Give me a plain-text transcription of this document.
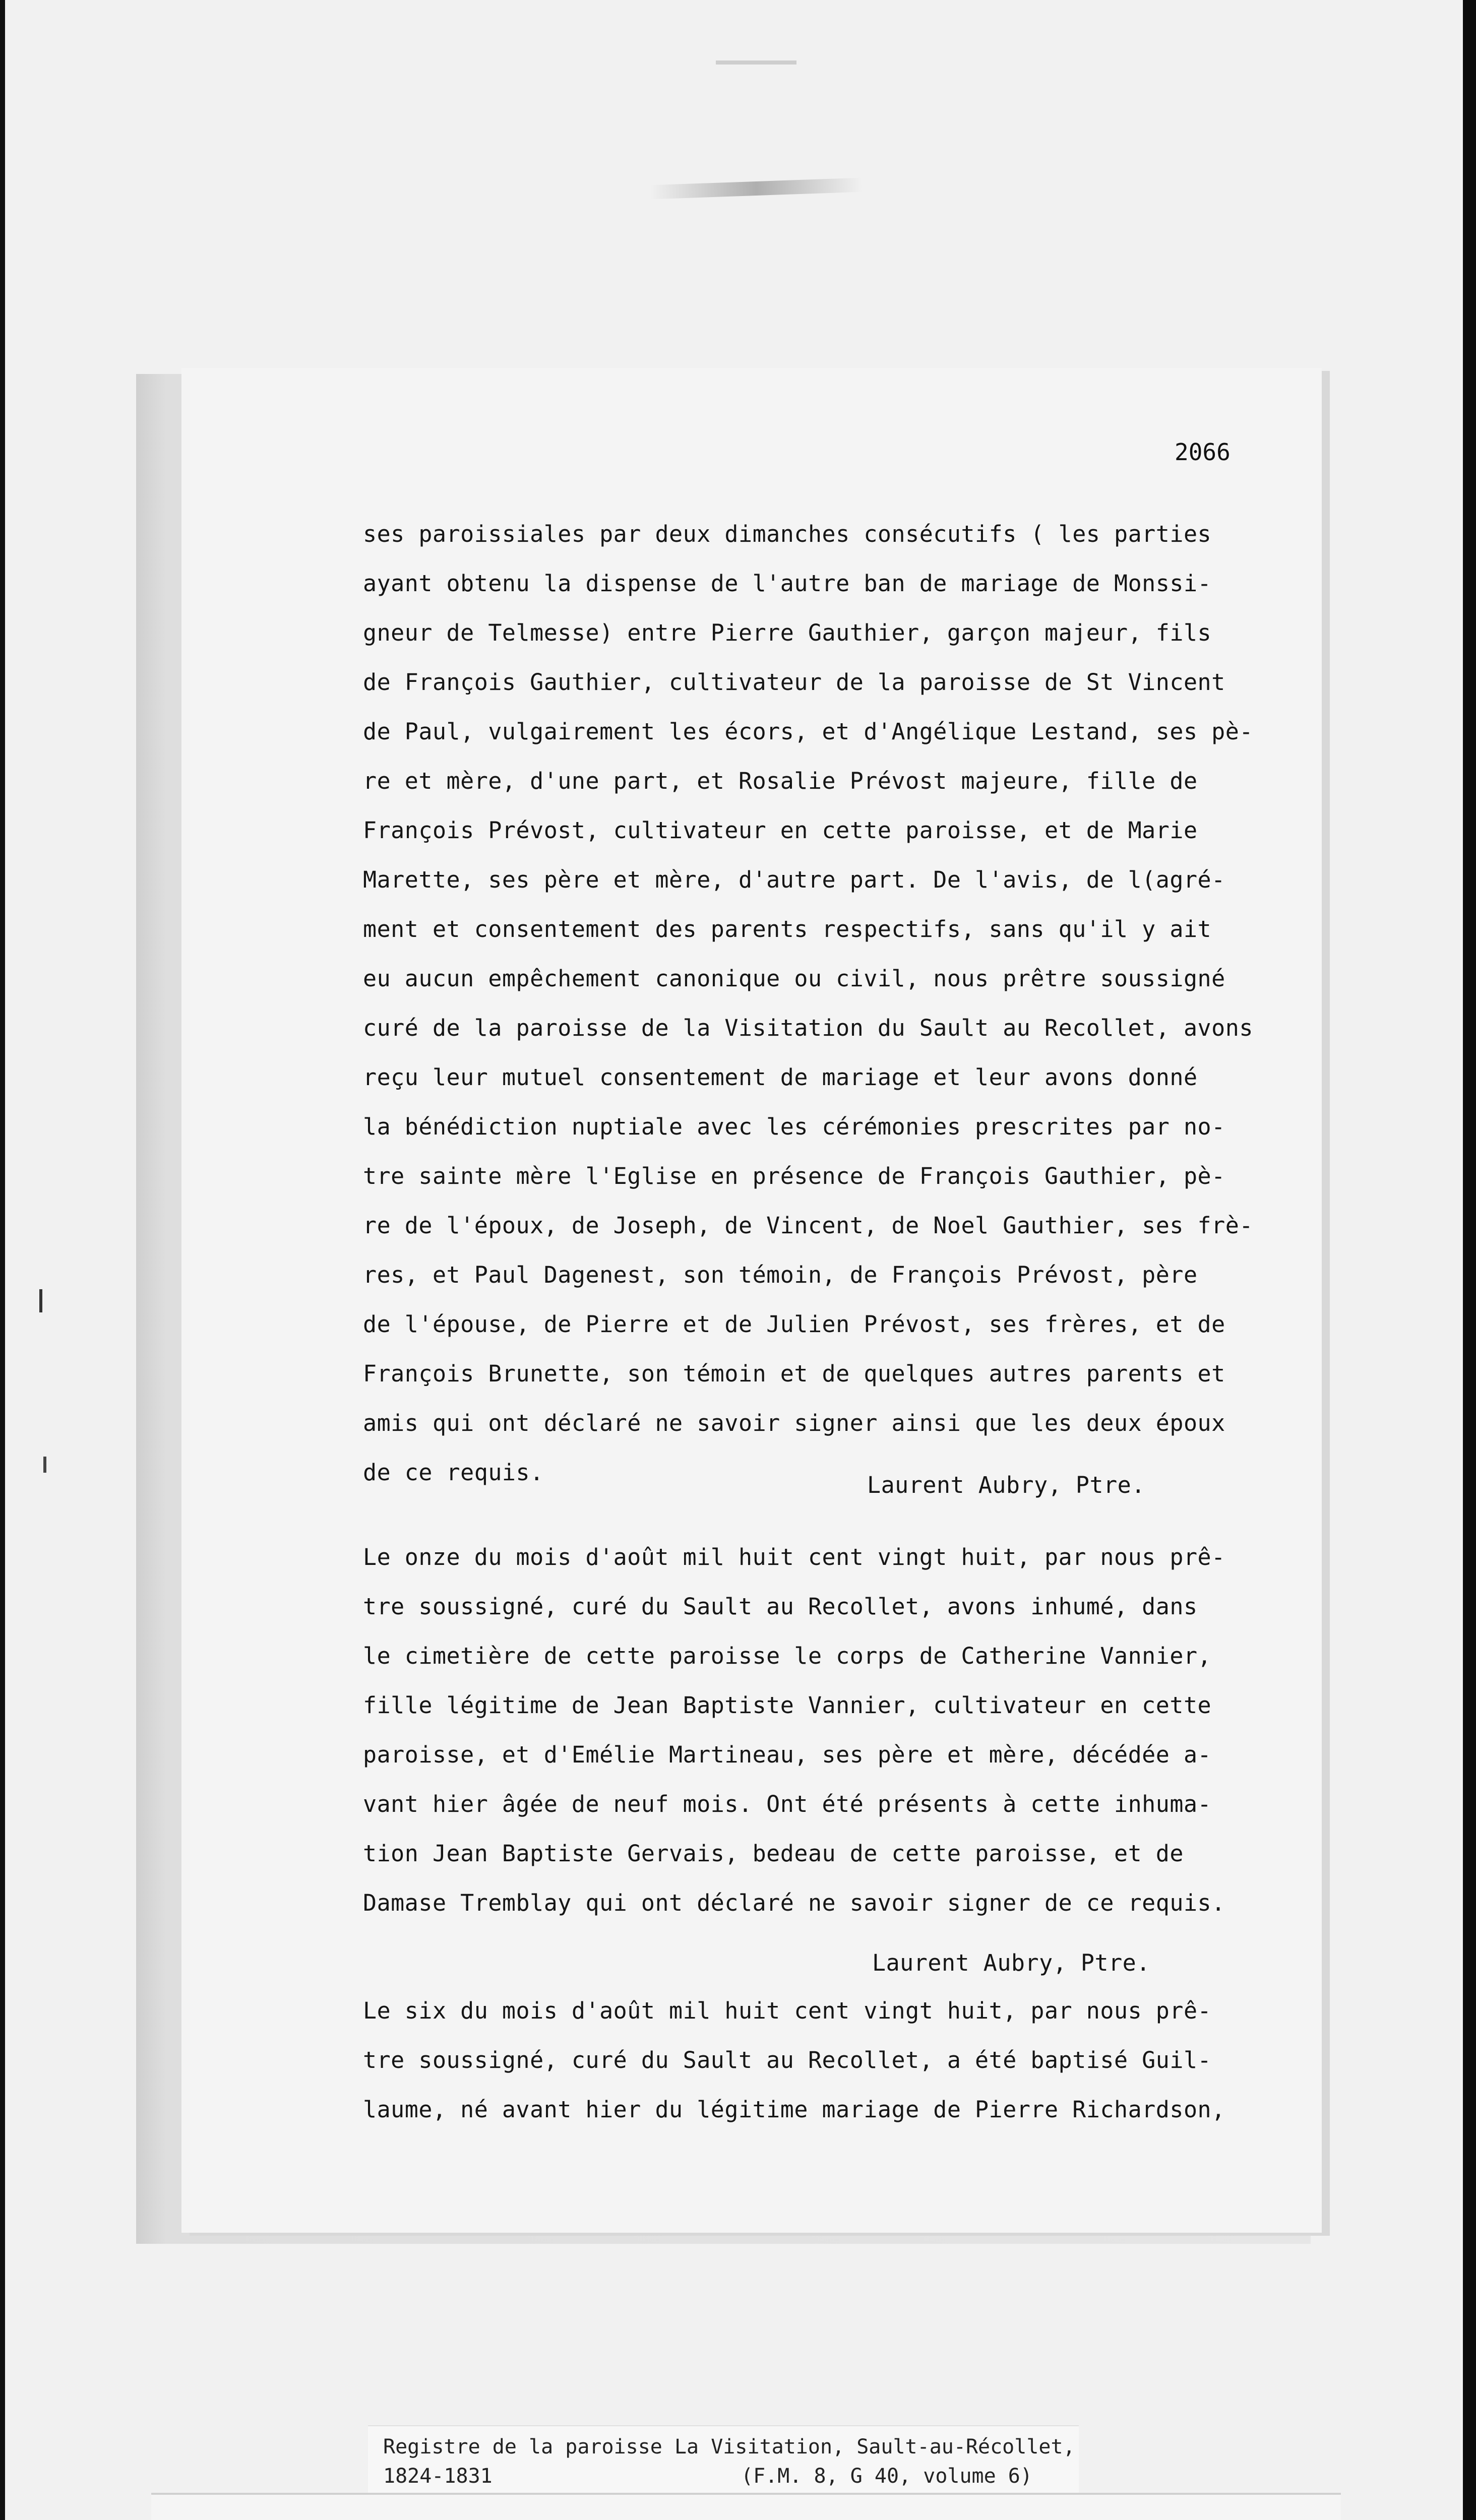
2066
ses paroissiales par deux dimanches consécutifs ( les parties
ayant obtenu la dispense de l'autre ban de mariage de Monssi-
gneur de Telmesse) entre Pierre Gauthier, garçon majeur, fils
de François Gauthier, cultivateur de la paroisse de St Vincent
de Paul, vulgairement les écors, et d'Angélique Lestand, ses pè-
re et mère, d'une part, et Rosalie Prévost majeure, fille de
François Prévost, cultivateur en cette paroisse, et de Marie
Marette, ses père et mère, d'autre part. De l'avis, de l(agré-
ment et consentement des parents respectifs, sans qu'il y ait
eu aucun empêchement canonique ou civil, nous prêtre soussigné
curé de la paroisse de la Visitation du Sault au Recollet, avons
reçu leur mutuel consentement de mariage et leur avons donné
la bénédiction nuptiale avec les cérémonies prescrites par no-
tre sainte mère l'Eglise en présence de François Gauthier, pè-
re de l'époux, de Joseph, de Vincent, de Noel Gauthier, ses frè-
res, et Paul Dagenest, son témoin, de François Prévost, père
de l'épouse, de Pierre et de Julien Prévost, ses frères, et de
François Brunette, son témoin et de quelques autres parents et
amis qui ont déclaré ne savoir signer ainsi que les deux époux
de ce requis.	Laurent Aubry, Ptre.
Le onze du mois d'août mil huit cent vingt huit, par nous prê-
tre soussigné, curé du Sault au Recollet, avons inhumé, dans
le cimetière de cette paroisse le corps de Catherine Vannier,
fille légitime de Jean Baptiste Vannier, cultivateur en cette
paroisse, et d'Emélie Martineau, ses père et mère, décédée a-
vant hier âgée de neuf mois. Ont été présents à cette inhuma-
tion Jean Baptiste Gervais, bedeau de cette paroisse, et de
Damase Tremblay qui ont déclaré ne savoir signer de ce requis.
Laurent Aubry, Ptre.
Le six du mois d'août mil huit cent vingt huit, par nous prê-
tre soussigné, curé du Sault au Recollet, a été baptisé Guil-
laume, né avant hier du légitime mariage de Pierre Richardson,
Registre de la paroisse La Visitation, Sault-au-Récollet,
1824-1831	(F.M. 8, G 40, volume 6)
